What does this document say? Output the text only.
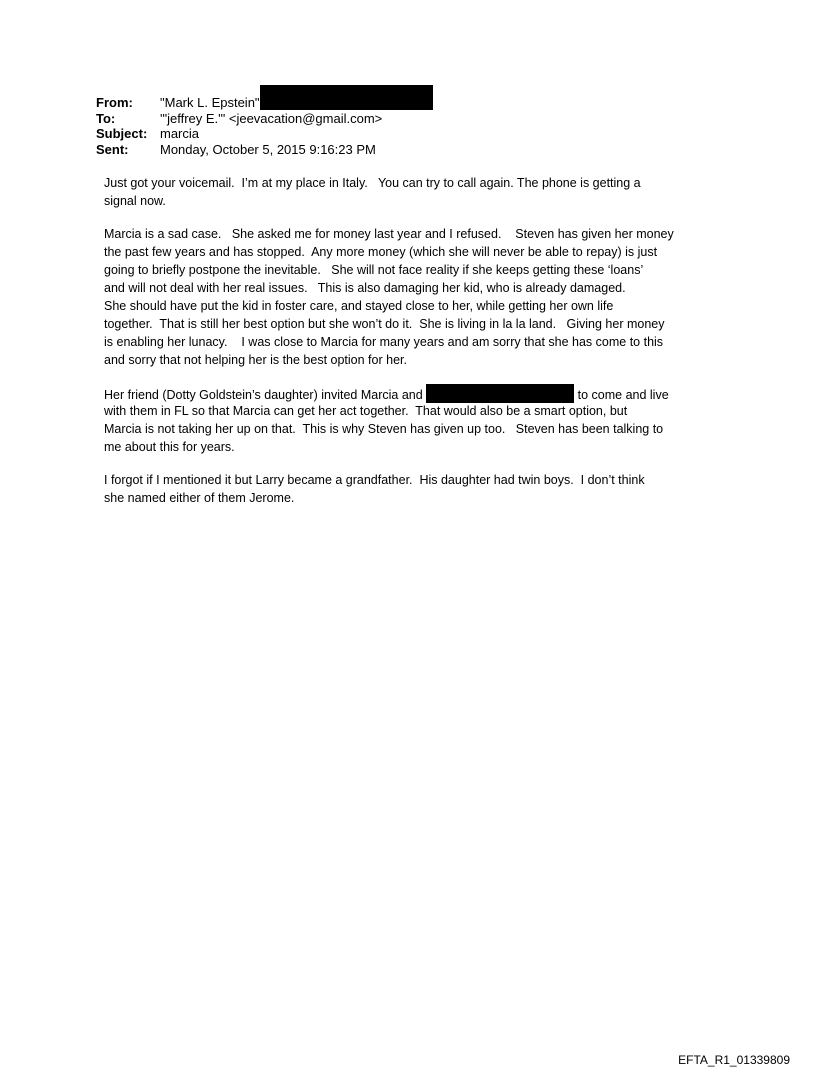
From:	"Mark L. Epstein"
To:	'"jeffrey E.'" <jeevacation@gmail.com>
Subject: marcia
Sent:	Monday, October 5, 2015 9:16:23 PM
Just got your voicemail.  I’m at my place in Italy.   You can try to call again. The phone is getting a
signal now.
Marcia is a sad case.   She asked me for money last year and I refused.    Steven has given her money
the past few years and has stopped.  Any more money (which she will never be able to repay) is just
going to briefly postpone the inevitable.   She will not face reality if she keeps getting these ‘loans’
and will not deal with her real issues.   This is also damaging her kid, who is already damaged.
She should have put the kid in foster care, and stayed close to her, while getting her own life
together.  That is still her best option but she won’t do it.  She is living in la la land.   Giving her money
is enabling her lunacy.    I was close to Marcia for many years and am sorry that she has come to this
and sorry that not helping her is the best option for her.
Her friend (Dotty Goldstein’s daughter) invited Marcia and	to come and live
with them in FL so that Marcia can get her act together.  That would also be a smart option, but
Marcia is not taking her up on that.  This is why Steven has given up too.   Steven has been talking to
me about this for years.
I forgot if I mentioned it but Larry became a grandfather.  His daughter had twin boys.  I don’t think
she named either of them Jerome.
EFTA_R1_01339809
